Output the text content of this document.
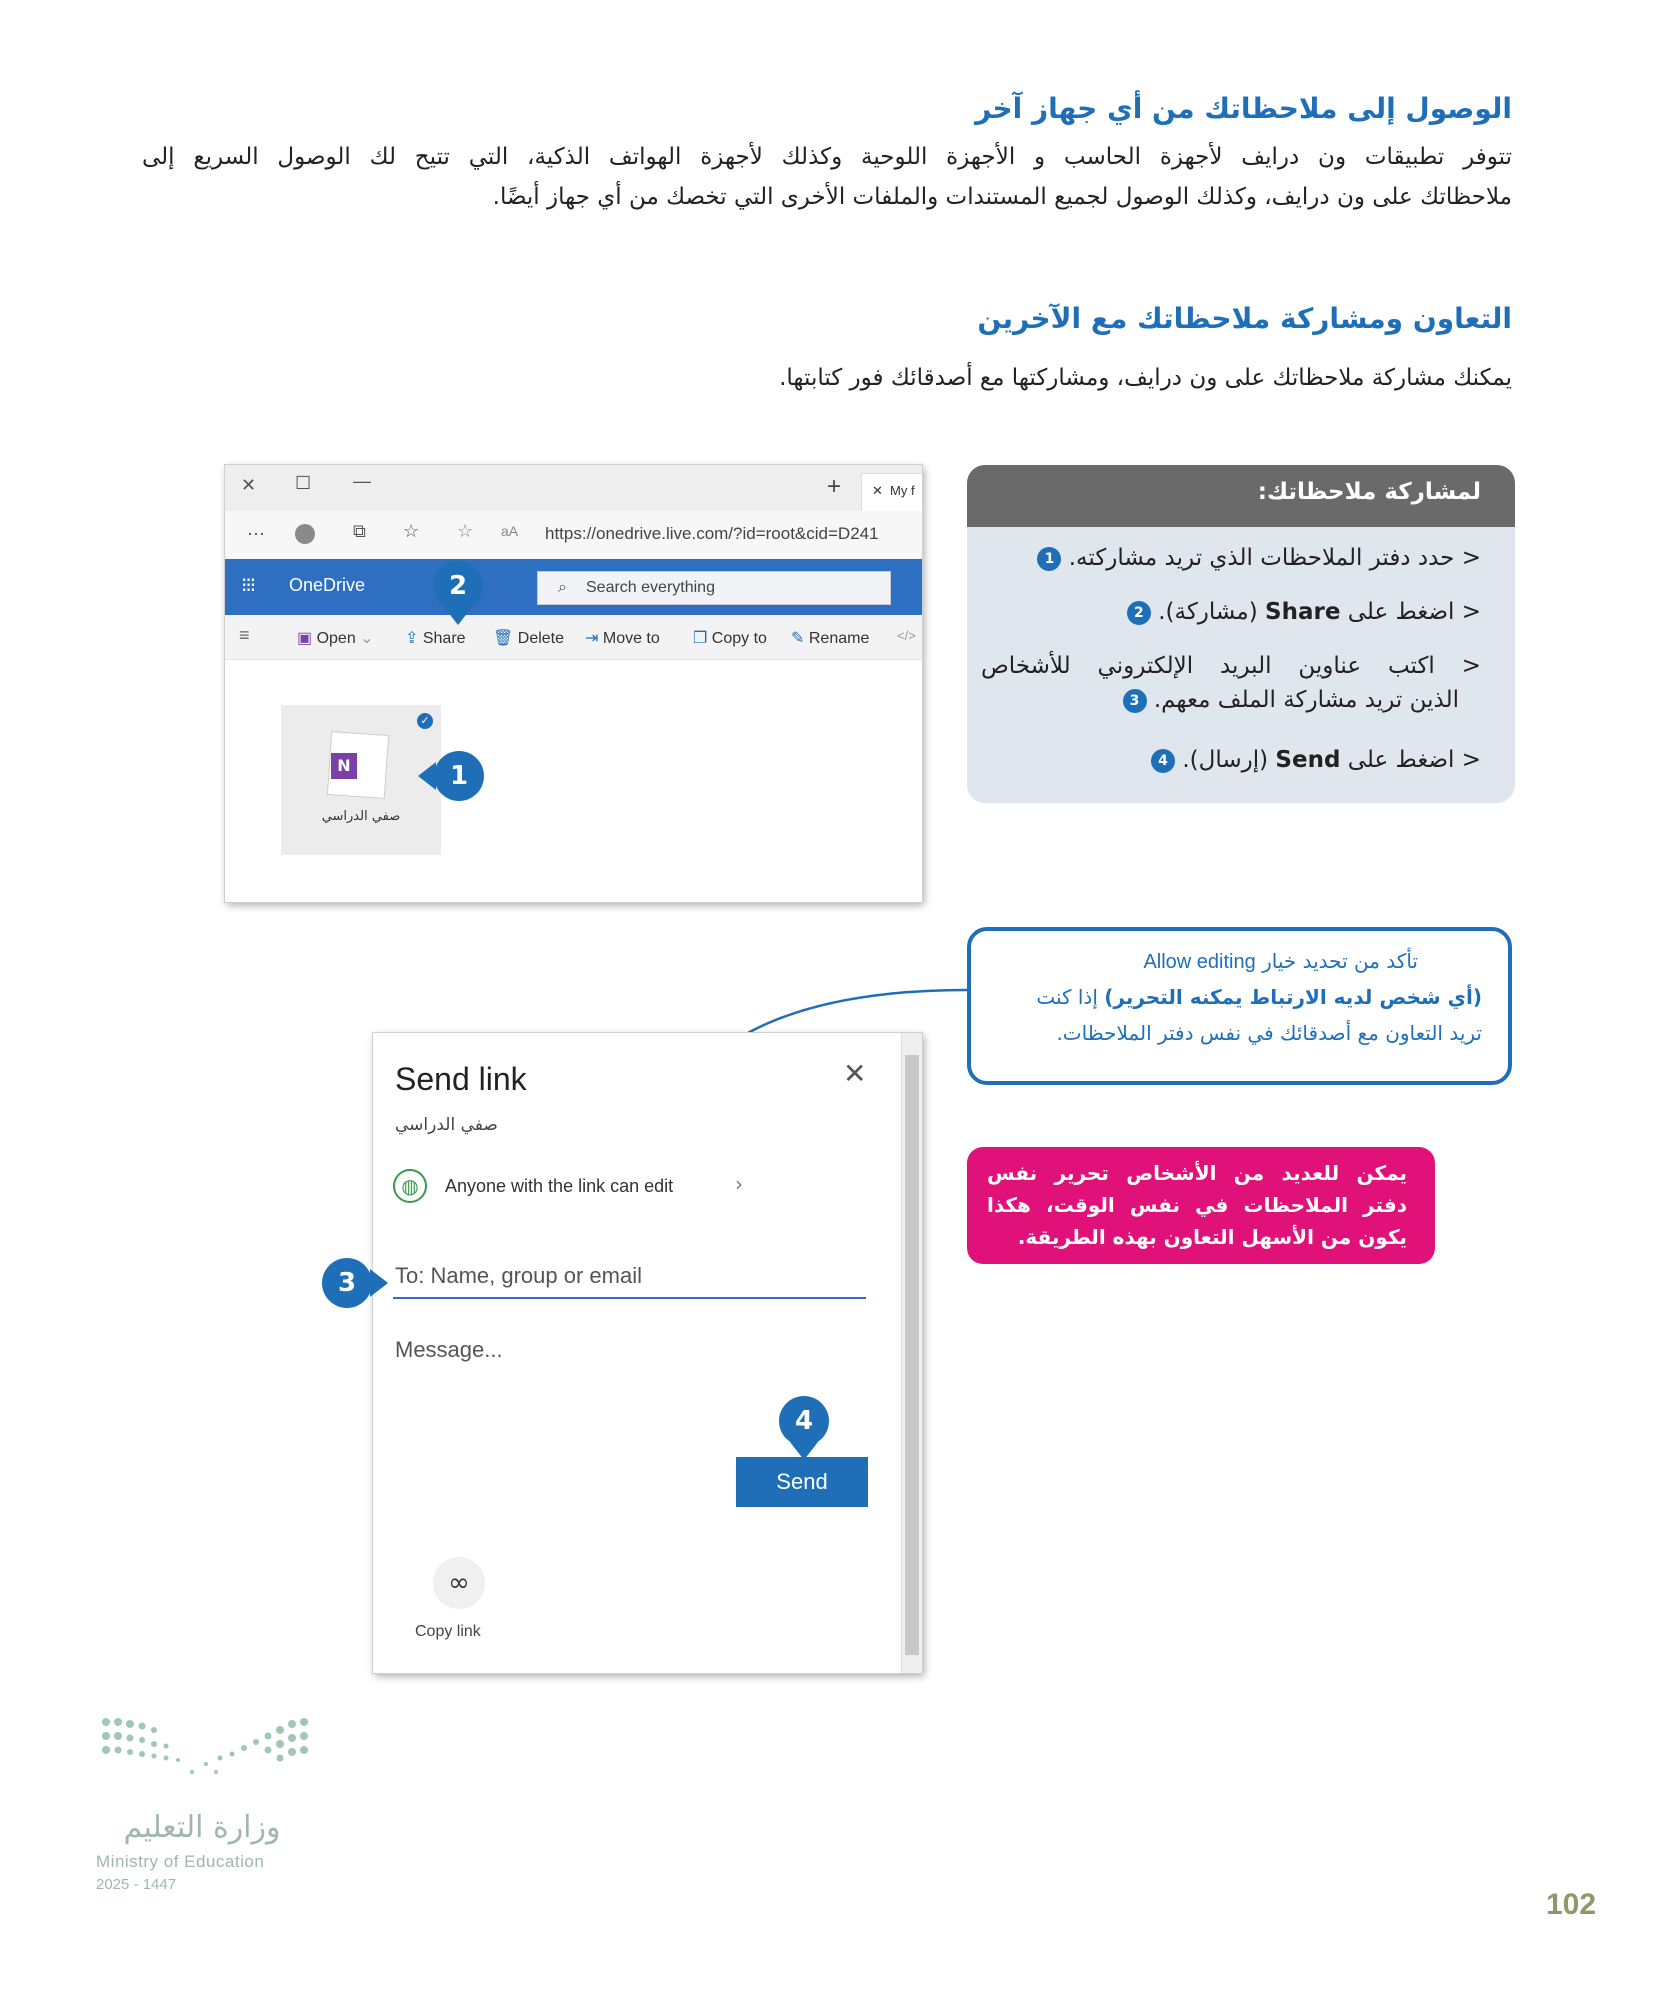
الوصول إلى ملاحظاتك من أي جهاز آخر
تتوفر تطبيقات ون درايف لأجهزة الحاسب و الأجهزة اللوحية وكذلك لأجهزة الهواتف الذكية، التي تتيح لك الوصول السريع إلى
ملاحظاتك على ون درايف، وكذلك الوصول لجميع المستندات والملفات الأخرى التي تخصك من أي جهاز أيضًا.
التعاون ومشاركة ملاحظاتك مع الآخرين
يمكنك مشاركة ملاحظاتك على ون درايف، ومشاركتها مع أصدقائك فور كتابتها.
✕ ☐ —	+ ✕ My f
···	⧉ ☆ ☆ aA https://onedrive.live.com/?id=root&cid=D241
⁝⁝⁝ OneDrive	⌕ Search everything
≡	▣ Open ⌄ ⇪ Share 🗑 Delete ⇥ Move to ❐ Copy to ✎ Rename </>
✓
N
صفي الدراسي
1
2
لمشاركة ملاحظاتك:
< حدد دفتر الملاحظات الذي تريد مشاركته. 1
< اضغط على Share (مشاركة). 2
< اكتب عناوين البريد الإلكتروني للأشخاص
الذين تريد مشاركة الملف معهم. 3
< اضغط على Send (إرسال). 4
تأكد من تحديد خيار Allow editing
(أي شخص لديه الارتباط يمكنه التحرير) إذا كنت
تريد التعاون مع أصدقائك في نفس دفتر الملاحظات.
يمكن للعديد من الأشخاص تحرير نفس
دفتر الملاحظات في نفس الوقت، هكذا
يكون من الأسهل التعاون بهذه الطريقة.
Send link	✕
صفي الدراسي
◍	Anyone with the link can edit	›
To: Name, group or email
Message...
Send
∞
Copy link
3
4
وزارة التعليم
Ministry of Education
2025 - 1447
102
